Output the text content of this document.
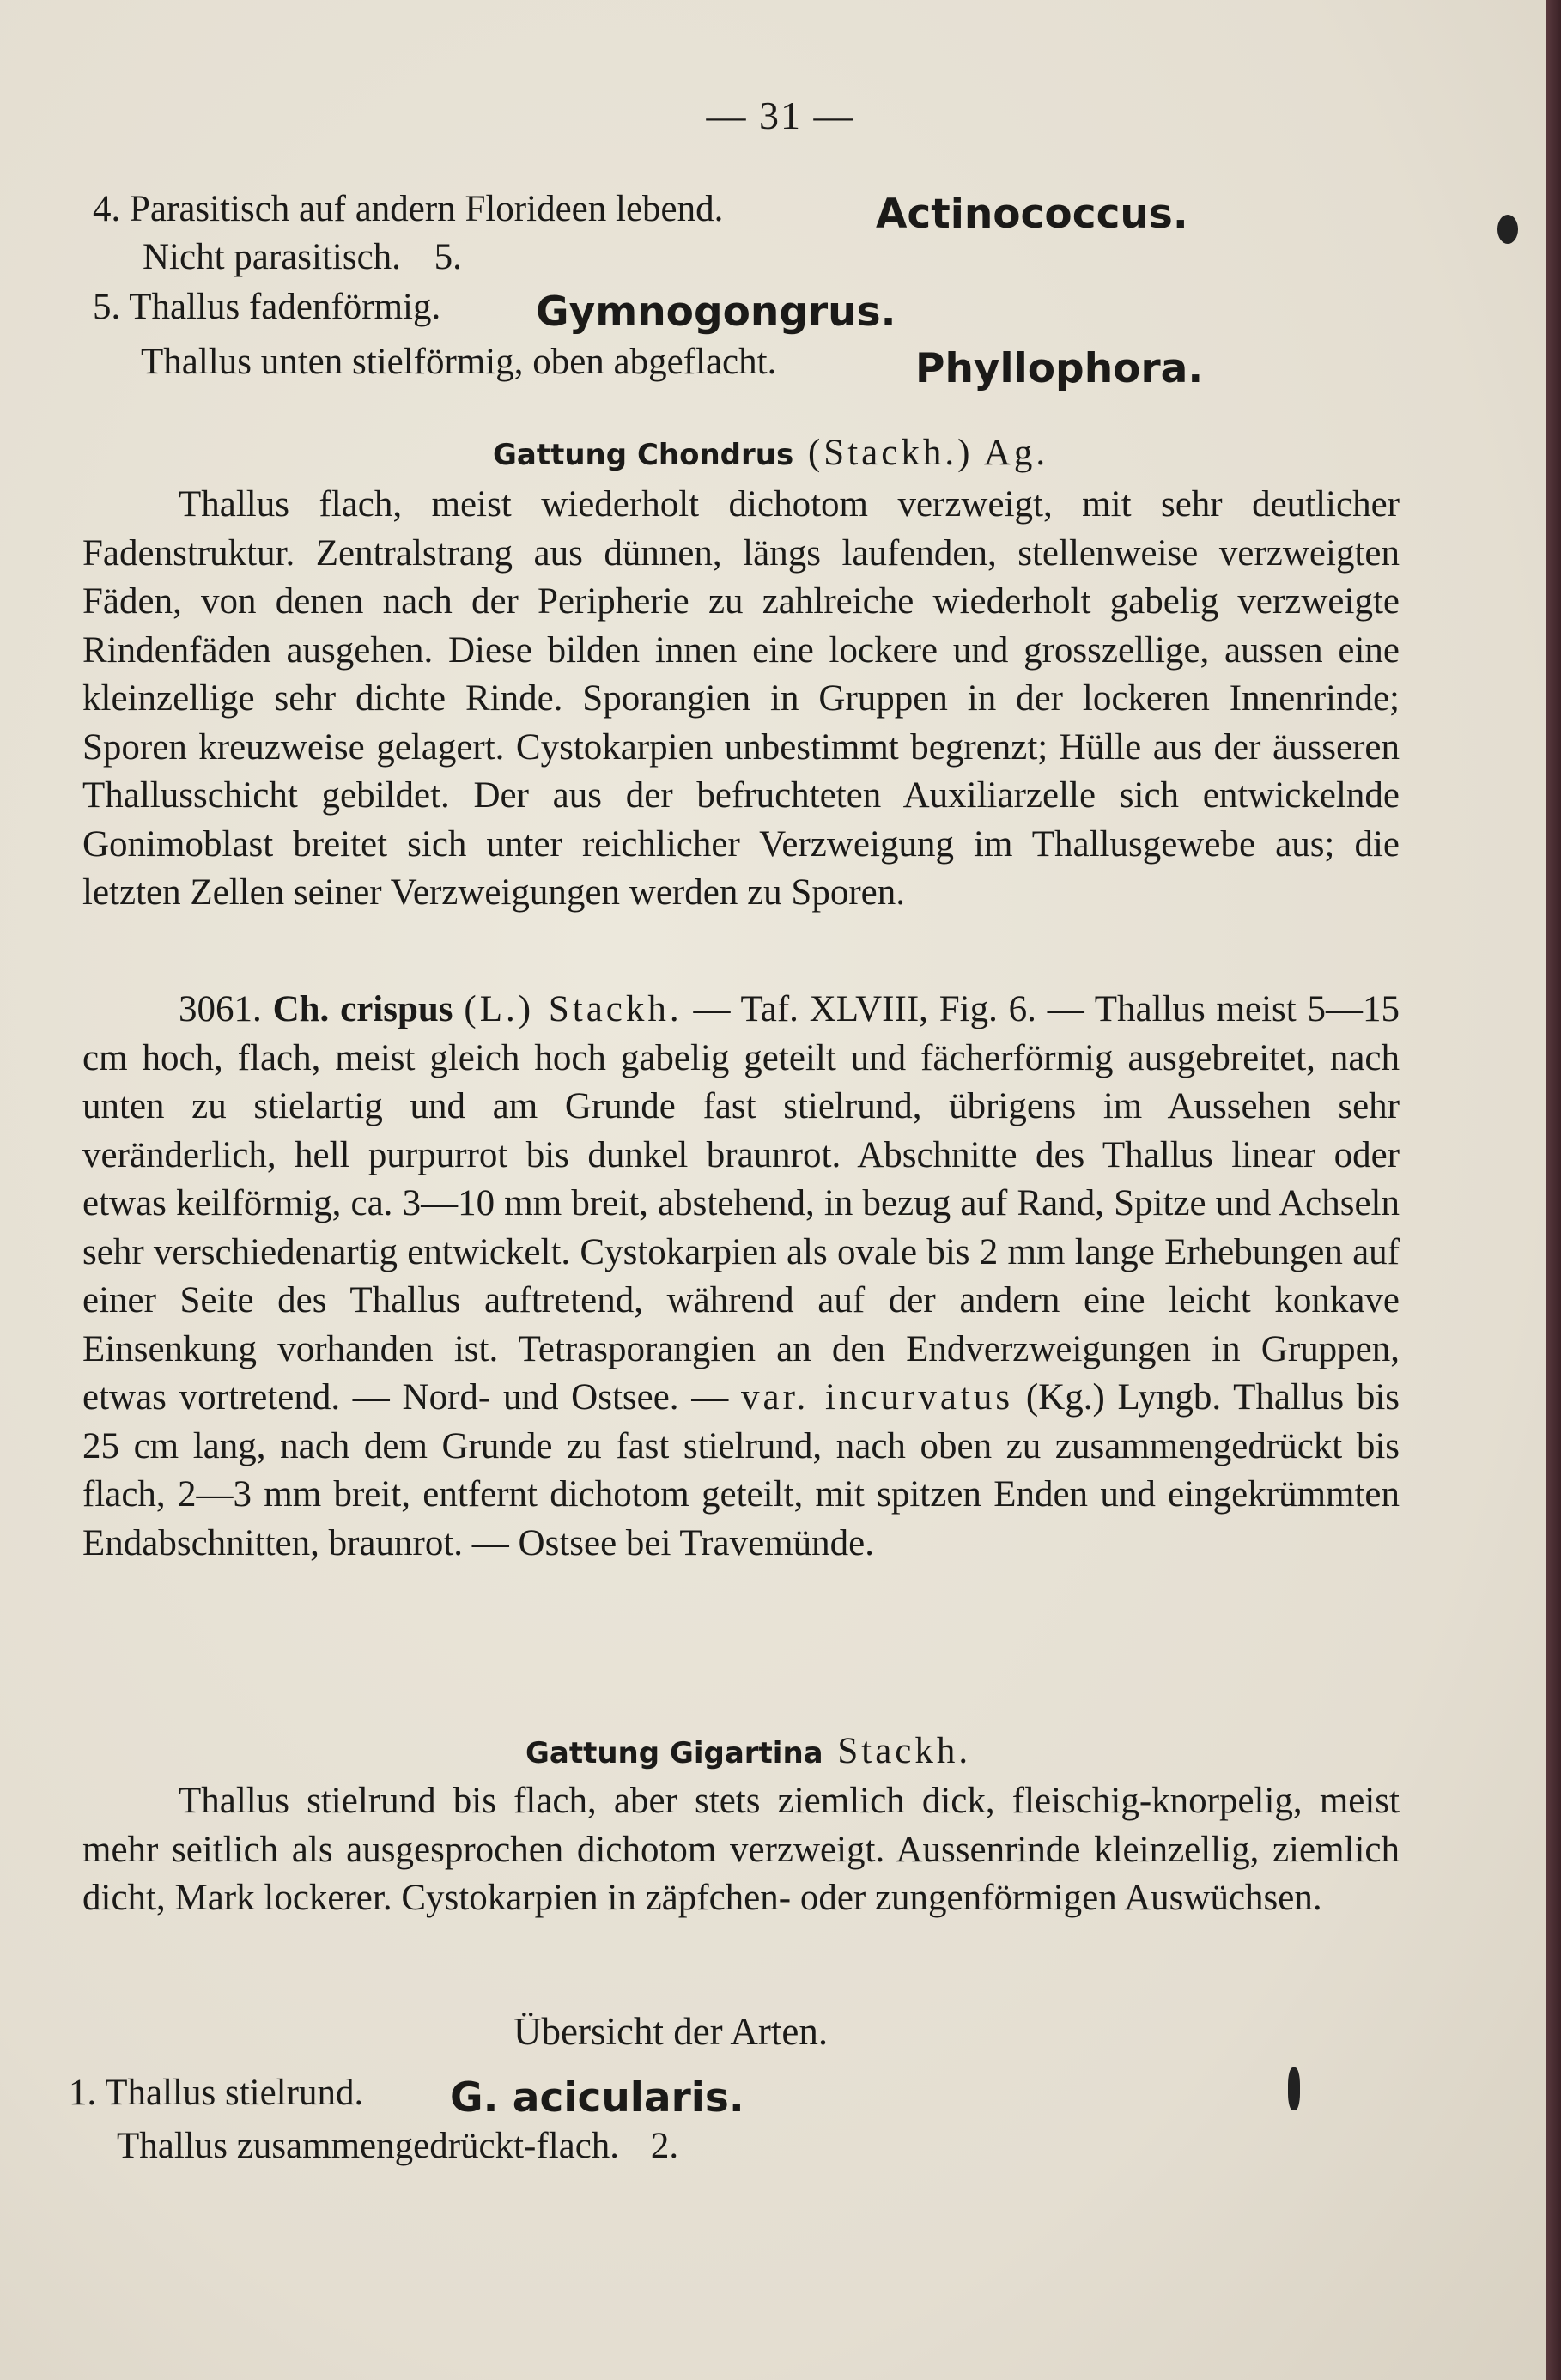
— 31 —
4. Parasitisch auf andern Florideen lebend.	Actinococcus.
Nicht parasitisch. 5.
5. Thallus fadenförmig. Gymnogongrus.
Thallus unten stielförmig, oben abgeflacht.	Phyllophora.
Gattung Chondrus (Stackh.) Ag.

Thallus flach, meist wiederholt dichotom verzweigt, mit sehr deutlicher Fadenstruktur. Zentralstrang aus dünnen, längs laufenden, stellenweise verzweigten Fäden, von denen nach der Peripherie zu zahlreiche wiederholt gabelig verzweigte Rindenfäden ausgehen. Diese bilden innen eine lockere und grosszellige, aussen eine kleinzellige sehr dichte Rinde. Sporangien in Gruppen in der lockeren Innenrinde; Sporen kreuzweise gelagert. Cystokarpien unbestimmt begrenzt; Hülle aus der äusseren Thallusschicht gebildet. Der aus der befruchteten Auxiliarzelle sich entwickelnde Gonimoblast breitet sich unter reichlicher Verzweigung im Thallusgewebe aus; die letzten Zellen seiner Verzweigungen werden zu Sporen.

3061. Ch. crispus (L.) Stackh. — Taf. XLVIII, Fig. 6. — Thallus meist 5—15 cm hoch, flach, meist gleich hoch gabelig geteilt und fächerförmig ausgebreitet, nach unten zu stielartig und am Grunde fast stielrund, übrigens im Aussehen sehr veränderlich, hell purpurrot bis dunkel braunrot. Abschnitte des Thallus linear oder etwas keilförmig, ca. 3—10 mm breit, abstehend, in bezug auf Rand, Spitze und Achseln sehr verschiedenartig entwickelt. Cystokarpien als ovale bis 2 mm lange Erhebungen auf einer Seite des Thallus auftretend, während auf der andern eine leicht konkave Einsenkung vorhanden ist. Tetrasporangien an den Endverzweigungen in Gruppen, etwas vortretend. — Nord- und Ostsee. — var. incurvatus (Kg.) Lyngb. Thallus bis 25 cm lang, nach dem Grunde zu fast stielrund, nach oben zu zusammengedrückt bis flach, 2—3 mm breit, entfernt dichotom geteilt, mit spitzen Enden und eingekrümmten Endabschnitten, braunrot. — Ostsee bei Travemünde.

Gattung Gigartina Stackh.

Thallus stielrund bis flach, aber stets ziemlich dick, fleischig-knorpelig, meist mehr seitlich als ausgesprochen dichotom verzweigt. Aussenrinde kleinzellig, ziemlich dicht, Mark lockerer. Cystokarpien in zäpfchen- oder zungenförmigen Auswüchsen.

Übersicht der Arten.
1. Thallus stielrund. G. acicularis.
Thallus zusammengedrückt-flach. 2.
